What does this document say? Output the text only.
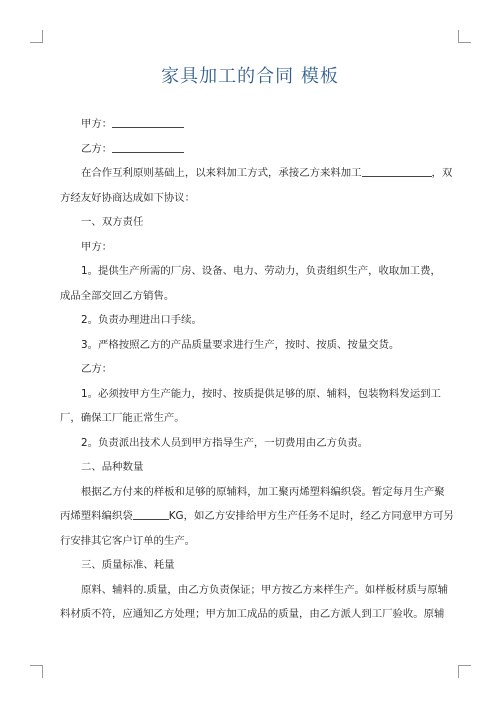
家具加工的合同 模板

甲方：

乙方：

在合作互利原则基础上，以来料加工方式，承接乙方来料加工	，双

方经友好协商达成如下协议：

一、双方责任

甲方：

1。提供生产所需的厂房、设备、电力、劳动力，负责组织生产，收取加工费，

成品全部交回乙方销售。

2。负责办理进出口手续。

3。严格按照乙方的产品质量要求进行生产，按时、按质、按量交货。

乙方：

1。必须按甲方生产能力，按时、按质提供足够的原、辅料，包装物料发运到工

厂，确保工厂能正常生产。

2。负责派出技术人员到甲方指导生产，一切费用由乙方负责。

二、品种数量

根据乙方付来的样板和足够的原辅料，加工聚丙烯塑料编织袋。暂定每月生产聚

丙烯塑料编织袋	KG，如乙方安排给甲方生产任务不足时，经乙方同意甲方可另

行安排其它客户订单的生产。

三、质量标准、耗量

原料、辅料的.质量，由乙方负责保证；甲方按乙方来样生产。如样板材质与原辅

料材质不符，应通知乙方处理；甲方加工成品的质量，由乙方派人到工厂验收。原辅
